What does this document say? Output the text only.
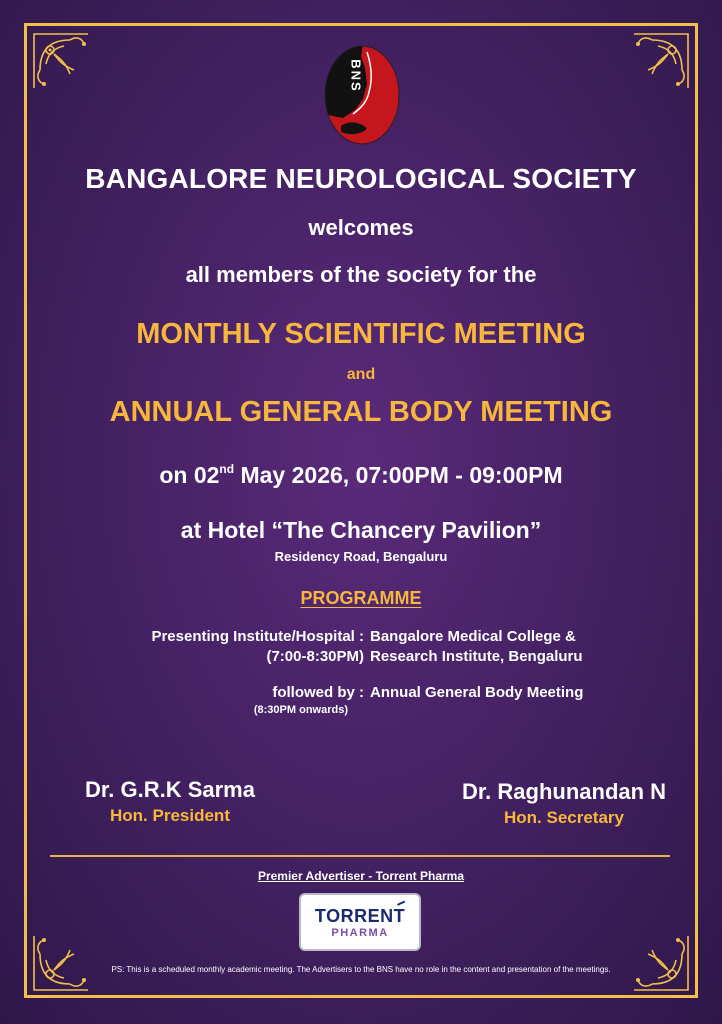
BNS
BANGALORE NEUROLOGICAL SOCIETY
welcomes
all members of the society for the
MONTHLY SCIENTIFIC MEETING
and
ANNUAL GENERAL BODY MEETING
on 02nd May 2026, 07:00PM - 09:00PM
at Hotel “The Chancery Pavilion”
Residency Road, Bengaluru
PROGRAMME
Presenting Institute/Hospital :
(7:00-8:30PM)
Bangalore Medical College &
Research Institute, Bengaluru
followed by :
(8:30PM onwards)
Annual General Body Meeting
Dr. G.R.K Sarma
Hon. President
Dr. Raghunandan N
Hon. Secretary
Premier Advertiser - Torrent Pharma
TORRENT
PHARMA
PS: This is a scheduled monthly academic meeting. The Advertisers to the BNS have no role in the content and presentation of the meetings.
